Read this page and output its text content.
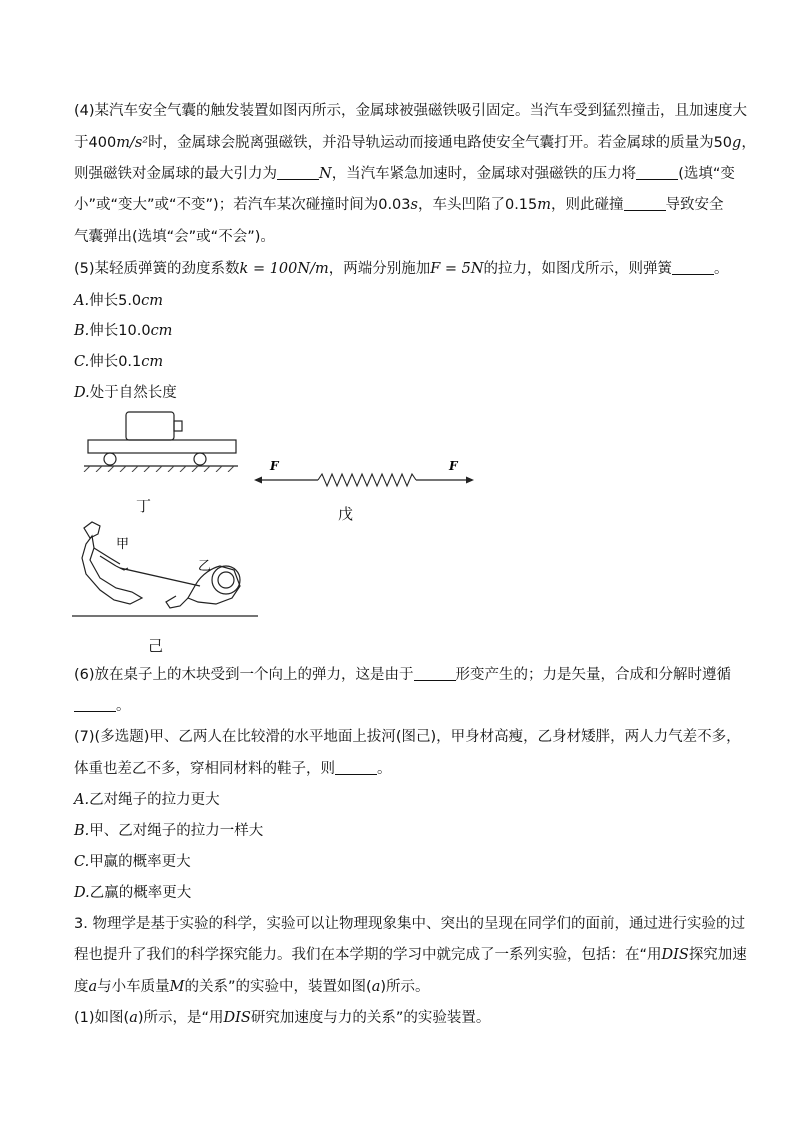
(4)某汽车安全气囊的触发装置如图丙所示，金属球被强磁铁吸引固定。当汽车受到猛烈撞击，且加速度大
于400m/s²时，金属球会脱离强磁铁，并沿导轨运动而接通电路使安全气囊打开。若金属球的质量为50g，
则强磁铁对金属球的最大引力为	N，当汽车紧急加速时，金属球对强磁铁的压力将	(选填“变
小”或“变大”或“不变”)；若汽车某次碰撞时间为0.03s，车头凹陷了0.15m，则此碰撞	导致安全
气囊弹出(选填“会”或“不会”)。
(5)某轻质弹簧的劲度系数k = 100N/m，两端分别施加F = 5N的拉力，如图戊所示，则弹簧	。
A.伸长5.0cm
B.伸长10.0cm
C.伸长0.1cm
D.处于自然长度
丁
F	F
戊
甲
乙
己
(6)放在桌子上的木块受到一个向上的弹力，这是由于	形变产生的；力是矢量，合成和分解时遵循
。
(7)(多选题)甲、乙两人在比较滑的水平地面上拔河(图己)，甲身材高瘦，乙身材矮胖，两人力气差不多，
体重也差乙不多，穿相同材料的鞋子，则	。
A.乙对绳子的拉力更大
B.甲、乙对绳子的拉力一样大
C.甲赢的概率更大
D.乙赢的概率更大
3. 物理学是基于实验的科学，实验可以让物理现象集中、突出的呈现在同学们的面前，通过进行实验的过
程也提升了我们的科学探究能力。我们在本学期的学习中就完成了一系列实验，包括：在“用DIS探究加速
度a与小车质量M的关系”的实验中，装置如图(a)所示。
(1)如图(a)所示，是“用DIS研究加速度与力的关系”的实验装置。
